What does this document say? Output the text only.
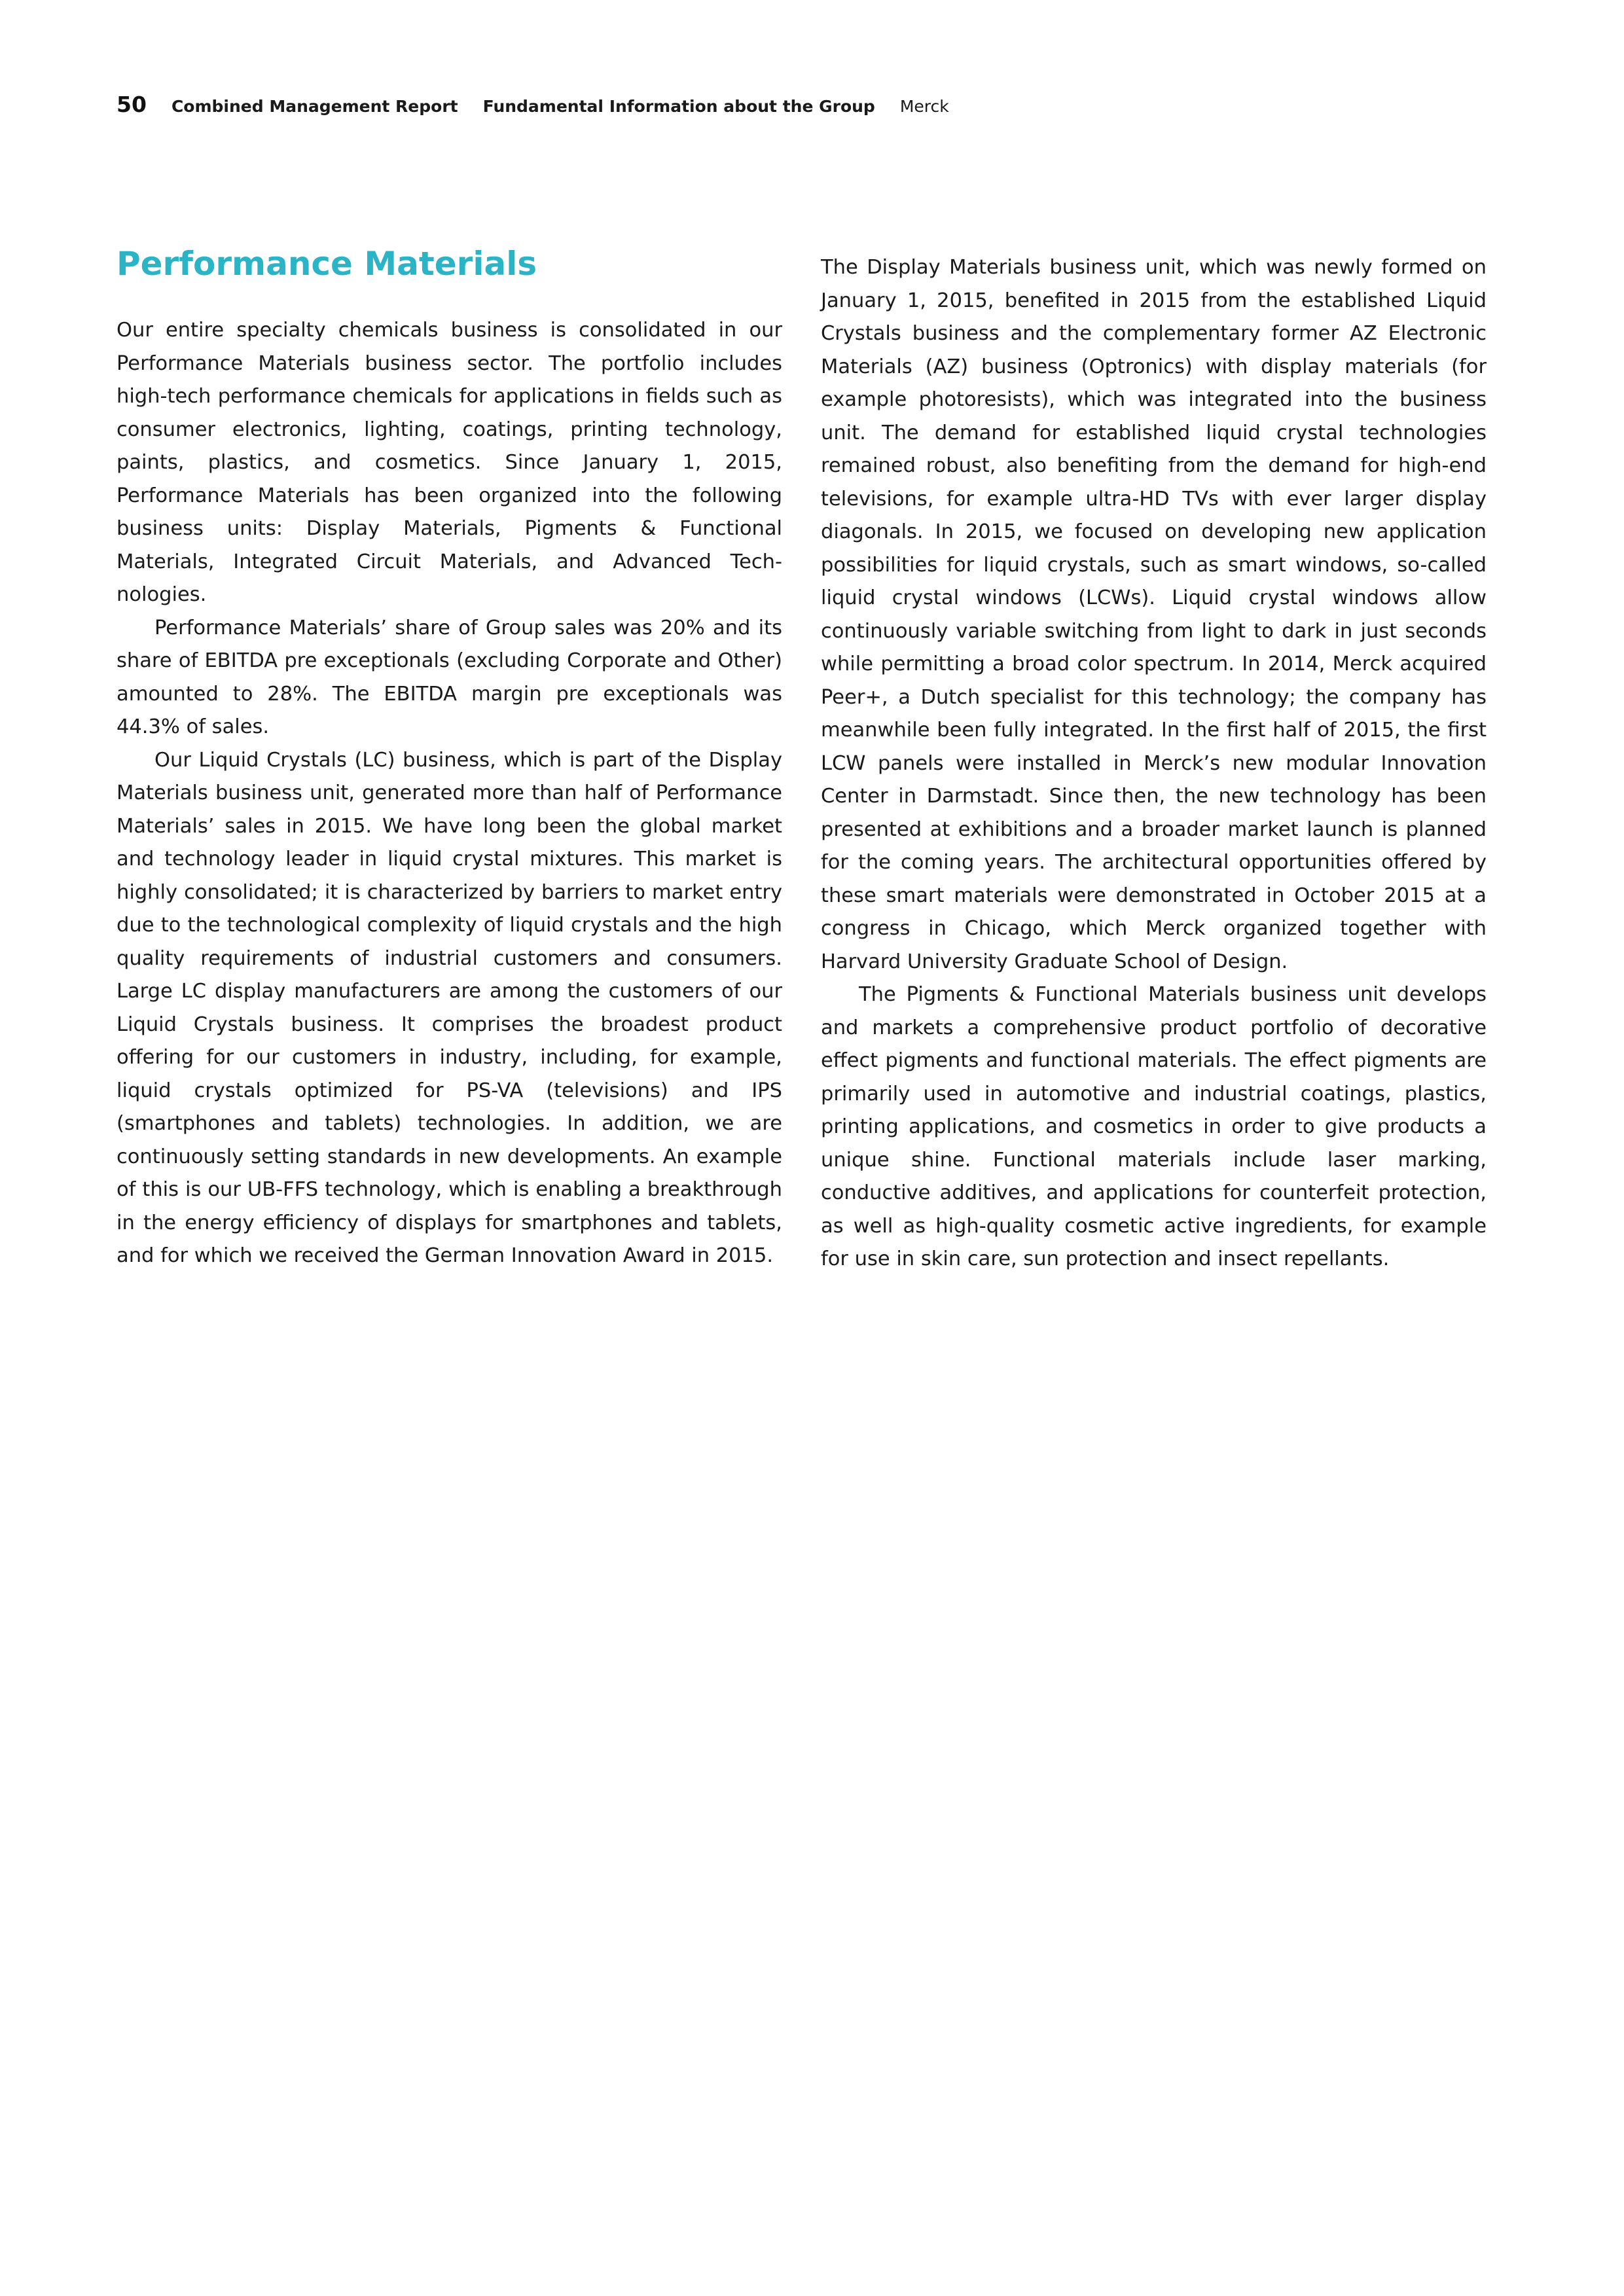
50 Combined Management Report Fundamental Information about the Group Merck
Performance Materials

Our entire specialty chemicals business is consolidated in our Performance Materials business sector. The portfolio includes high-tech performance chemicals for applications in fields such as consumer electronics, lighting, coatings, printing technology, paints, plastics, and cosmetics. Since January 1, 2015, Performance Materials has been organized into the following business units: Display Materials, Pigments & Functional Materials, Integrated Circuit Materials, and Advanced Technologies.

Performance Materials’ share of Group sales was 20% and its share of EBITDA pre exceptionals (excluding Corporate and Other) amounted to 28%. The EBITDA margin pre exceptionals was 44.3% of sales.

Our Liquid Crystals (LC) business, which is part of the Display Materials business unit, generated more than half of Performance Materials’ sales in 2015. We have long been the global market and technology leader in liquid crystal mixtures. This market is highly consolidated; it is characterized by barriers to market entry due to the technological complexity of liquid crystals and the high quality requirements of industrial customers and consumers. Large LC display manufacturers are among the customers of our Liquid Crystals business. It comprises the broadest product offering for our customers in industry, including, for example, liquid crystals optimized for PS-VA (televisions) and IPS (smartphones and tablets) technologies. In addition, we are continuously setting standards in new developments. An example of this is our UB-FFS technology, which is enabling a breakthrough in the energy efficiency of displays for smartphones and tablets, and for which we received the German Innovation Award in 2015.

The Display Materials business unit, which was newly formed on January 1, 2015, benefited in 2015 from the established Liquid Crystals business and the complementary former AZ Electronic Materials (AZ) business (Optronics) with display materials (for example photoresists), which was integrated into the business unit. The demand for established liquid crystal technologies remained robust, also benefiting from the demand for high-end televisions, for example ultra-HD TVs with ever larger display diagonals. In 2015, we focused on developing new application possibilities for liquid crystals, such as smart windows, so-called liquid crystal windows (LCWs). Liquid crystal windows allow continuously variable switching from light to dark in just seconds while permitting a broad color spectrum. In 2014, Merck acquired Peer+, a Dutch specialist for this technology; the company has meanwhile been fully integrated. In the first half of 2015, the first LCW panels were installed in Merck’s new modular Innovation Center in Darmstadt. Since then, the new technology has been presented at exhibitions and a broader market launch is planned for the coming years. The architectural opportunities offered by these smart materials were demonstrated in October 2015 at a congress in Chicago, which Merck organized together with Harvard University Graduate School of Design.

The Pigments & Functional Materials business unit develops and markets a comprehensive product portfolio of decorative effect pigments and functional materials. The effect pigments are primarily used in automotive and industrial coatings, plastics, printing applications, and cosmetics in order to give products a unique shine. Functional materials include laser marking, conductive additives, and applications for counterfeit protection, as well as high-quality cosmetic active ingredients, for example for use in skin care, sun protection and insect repellants.
